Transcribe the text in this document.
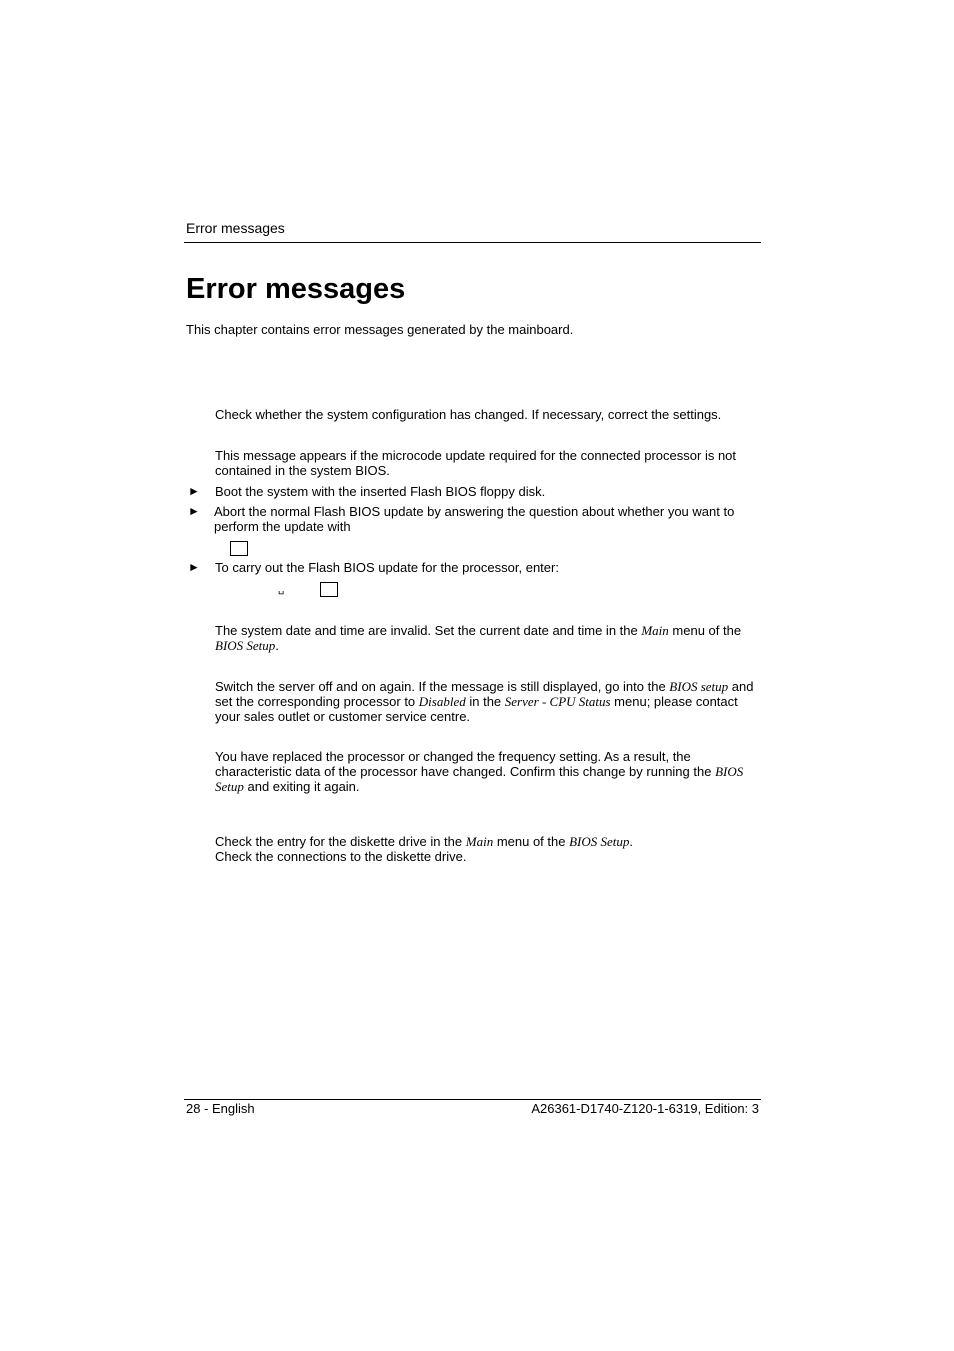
Error messages
Error messages
This chapter contains error messages generated by the mainboard.
Check whether the system configuration has changed. If necessary, correct the settings.
This message appears if the microcode update required for the connected processor is not contained in the system BIOS.
► Boot the system with the inserted Flash BIOS floppy disk.
► Abort the normal Flash BIOS update by answering the question about whether you want to perform the update with
► To carry out the Flash BIOS update for the processor, enter:
␣
The system date and time are invalid. Set the current date and time in the Main menu of the BIOS Setup.
Switch the server off and on again. If the message is still displayed, go into the BIOS setup and set the corresponding processor to Disabled in the Server - CPU Status menu; please contact your sales outlet or customer service centre.
You have replaced the processor or changed the frequency setting. As a result, the characteristic data of the processor have changed. Confirm this change by running the BIOS Setup and exiting it again.
Check the entry for the diskette drive in the Main menu of the BIOS Setup.
Check the connections to the diskette drive.
28 - English	A26361-D1740-Z120-1-6319, Edition: 3
